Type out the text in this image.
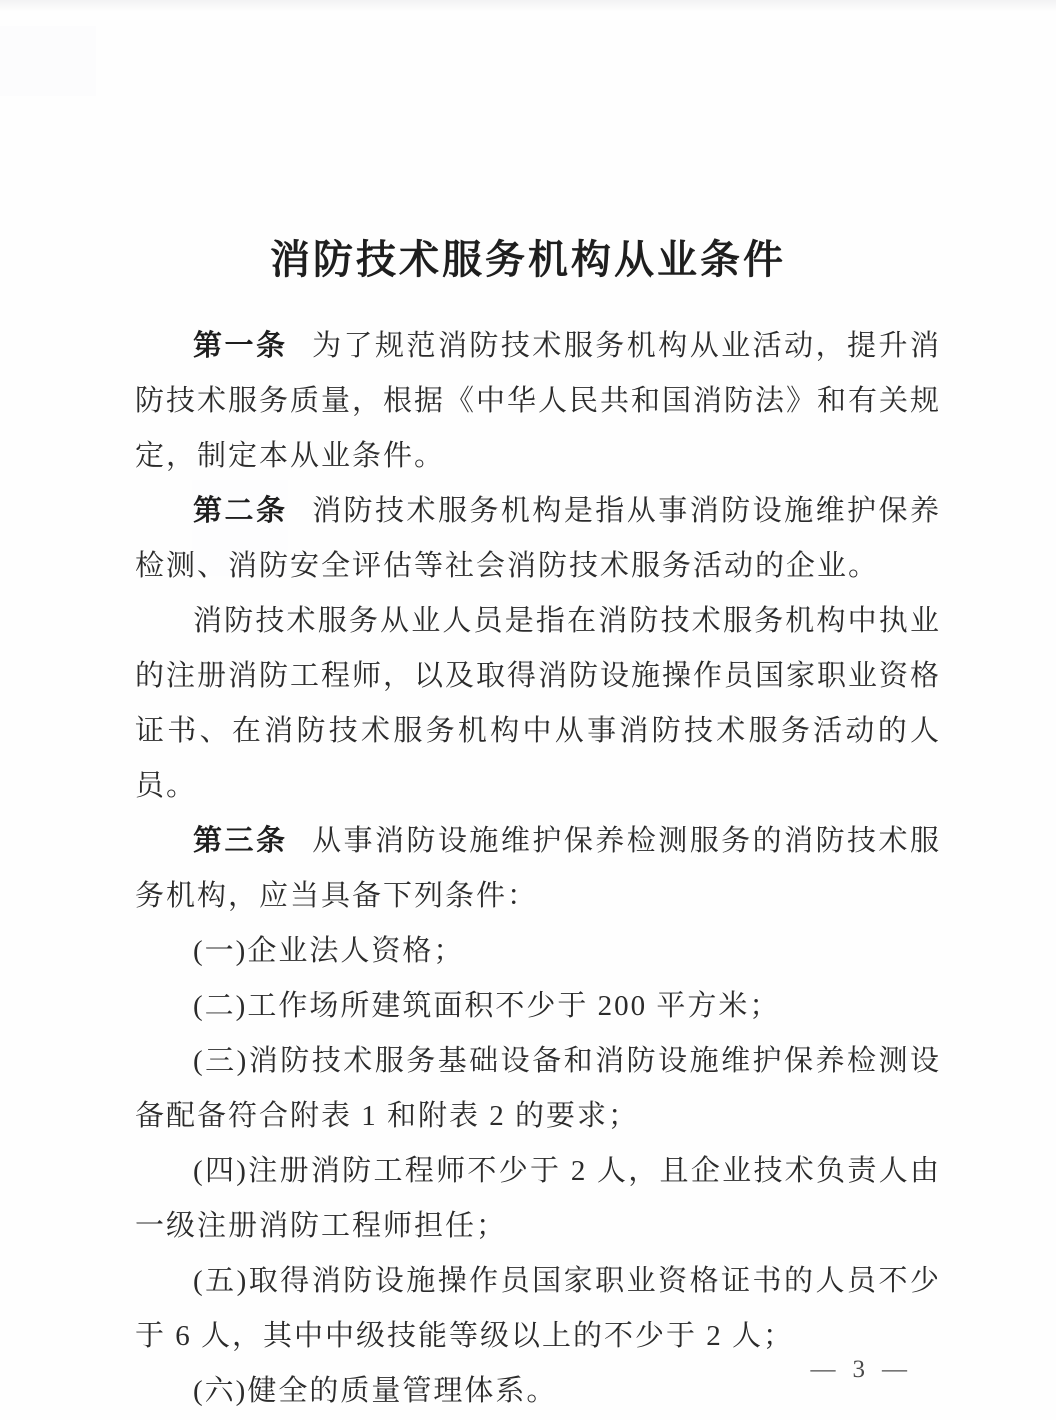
消防技术服务机构从业条件

第一条 为了规范消防技术服务机构从业活动，提升消防技术服务质量，根据《中华人民共和国消防法》和有关规定，制定本从业条件。

第二条 消防技术服务机构是指从事消防设施维护保养检测、消防安全评估等社会消防技术服务活动的企业。

消防技术服务从业人员是指在消防技术服务机构中执业的注册消防工程师，以及取得消防设施操作员国家职业资格证书、在消防技术服务机构中从事消防技术服务活动的人员。

第三条 从事消防设施维护保养检测服务的消防技术服务机构，应当具备下列条件：

(一)企业法人资格；

(二)工作场所建筑面积不少于 200 平方米；

(三)消防技术服务基础设备和消防设施维护保养检测设备配备符合附表 1 和附表 2 的要求；

(四)注册消防工程师不少于 2 人，且企业技术负责人由一级注册消防工程师担任；

(五)取得消防设施操作员国家职业资格证书的人员不少于 6 人，其中中级技能等级以上的不少于 2 人；

(六)健全的质量管理体系。

— 3 —
